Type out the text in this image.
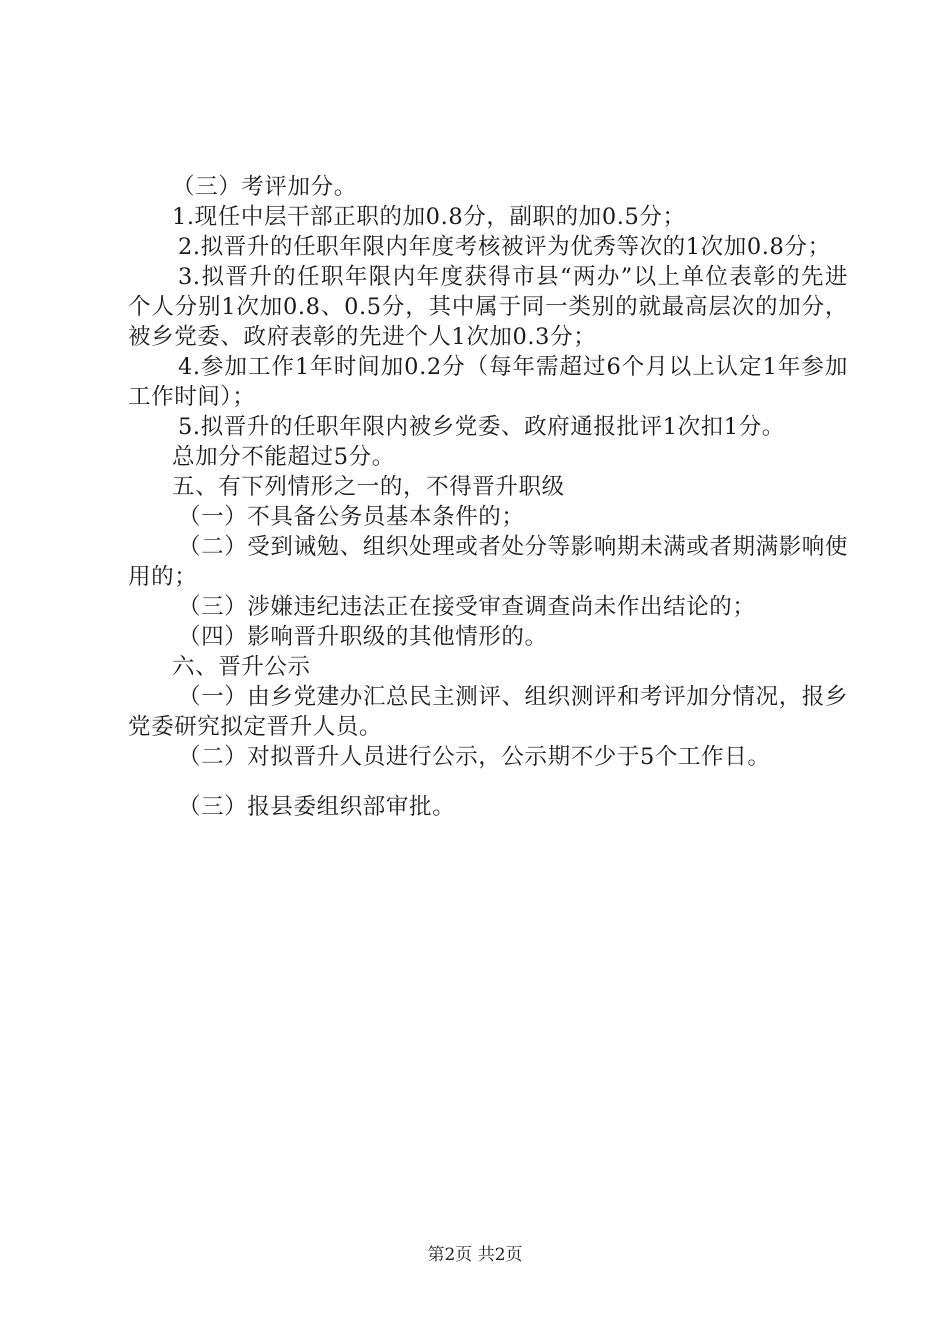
（三）考评加分。

1.现任中层干部正职的加0.8分，副职的加0.5分；

2.拟晋升的任职年限内年度考核被评为优秀等次的1次加0.8分；

3.拟晋升的任职年限内年度获得市县“两办”以上单位表彰的先进个人分别1次加0.8、0.5分，其中属于同一类别的就最高层次的加分，被乡党委、政府表彰的先进个人1次加0.3分；

4.参加工作1年时间加0.2分（每年需超过6个月以上认定1年参加工作时间）；

5.拟晋升的任职年限内被乡党委、政府通报批评1次扣1分。

总加分不能超过5分。

五、有下列情形之一的，不得晋升职级

（一）不具备公务员基本条件的；

（二）受到诫勉、组织处理或者处分等影响期未满或者期满影响使用的；

（三）涉嫌违纪违法正在接受审查调查尚未作出结论的；

（四）影响晋升职级的其他情形的。

六、晋升公示

（一）由乡党建办汇总民主测评、组织测评和考评加分情况，报乡党委研究拟定晋升人员。

（二）对拟晋升人员进行公示，公示期不少于5个工作日。

（三）报县委组织部审批。

第2页 共2页
